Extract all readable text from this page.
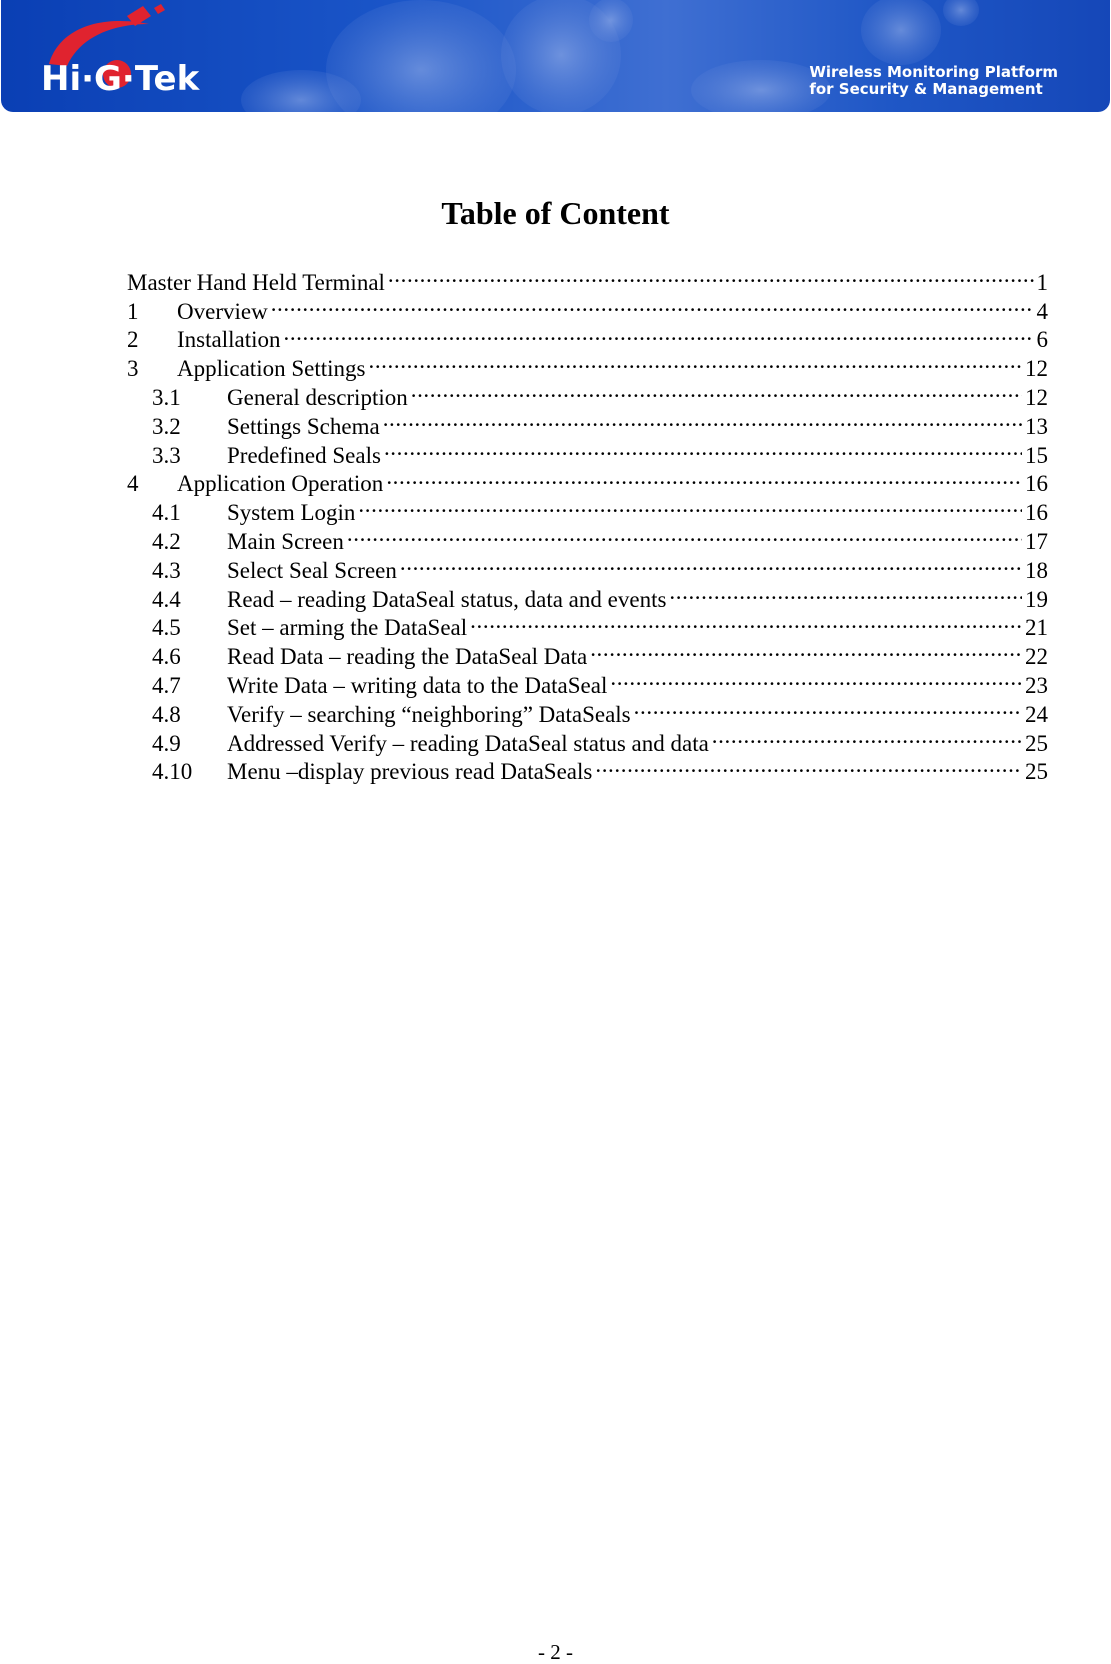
Hi·G·Tek	Wireless Monitoring Platform
for Security & Management
Table of Content
Master Hand Held Terminal .....	1
1	Overview .....	4
2	Installation .....	6
3	Application Settings .....	12
3.1	General description .....	12
3.2	Settings Schema .....	13
3.3	Predefined Seals .....	15
4	Application Operation .....	16
4.1	System Login .....	16
4.2	Main Screen .....	17
4.3	Select Seal Screen .....	18
4.4	Read – reading DataSeal status, data and events .....	19
4.5	Set – arming the DataSeal .....	21
4.6	Read Data – reading the DataSeal Data .....	22
4.7	Write Data – writing data to the DataSeal .....	23
4.8	Verify – searching “neighboring” DataSeals .....	24
4.9	Addressed Verify – reading DataSeal status and data .....	25
4.10	Menu –display previous read DataSeals .....	25
- 2 -
